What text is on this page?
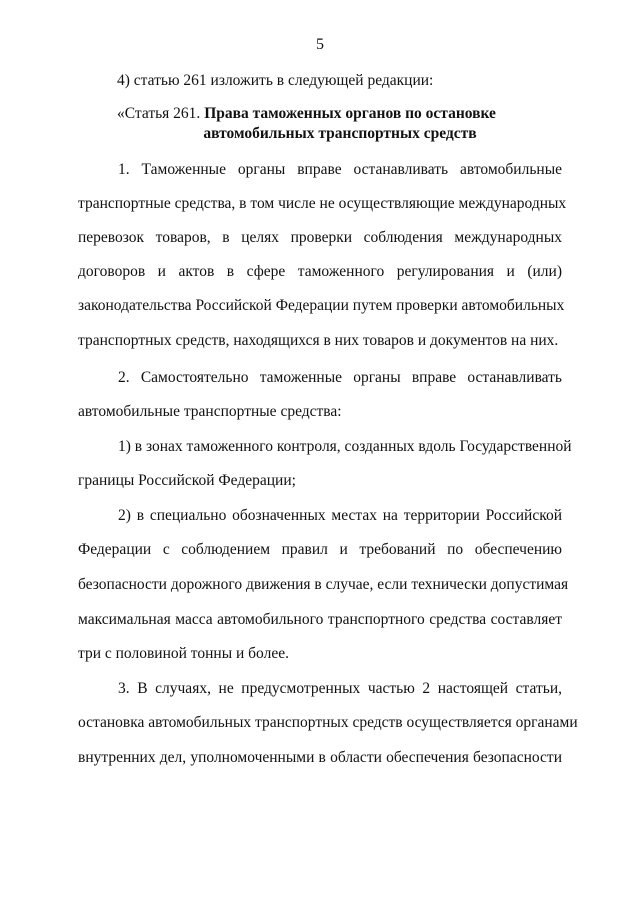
5
4) статью 261 изложить в следующей редакции:
«Статья 261. Права таможенных органов по остановке
автомобильных транспортных средств
1. Таможенные органы вправе останавливать автомобильные
транспортные средства, в том числе не осуществляющие международных
перевозок товаров, в целях проверки соблюдения международных
договоров и актов в сфере таможенного регулирования и (или)
законодательства Российской Федерации путем проверки автомобильных
транспортных средств, находящихся в них товаров и документов на них.
2. Самостоятельно таможенные органы вправе останавливать
автомобильные транспортные средства:
1) в зонах таможенного контроля, созданных вдоль Государственной
границы Российской Федерации;
2) в специально обозначенных местах на территории Российской
Федерации с соблюдением правил и требований по обеспечению
безопасности дорожного движения в случае, если технически допустимая
максимальная масса автомобильного транспортного средства составляет
три с половиной тонны и более.
3. В случаях, не предусмотренных частью 2 настоящей статьи,
остановка автомобильных транспортных средств осуществляется органами
внутренних дел, уполномоченными в области обеспечения безопасности
